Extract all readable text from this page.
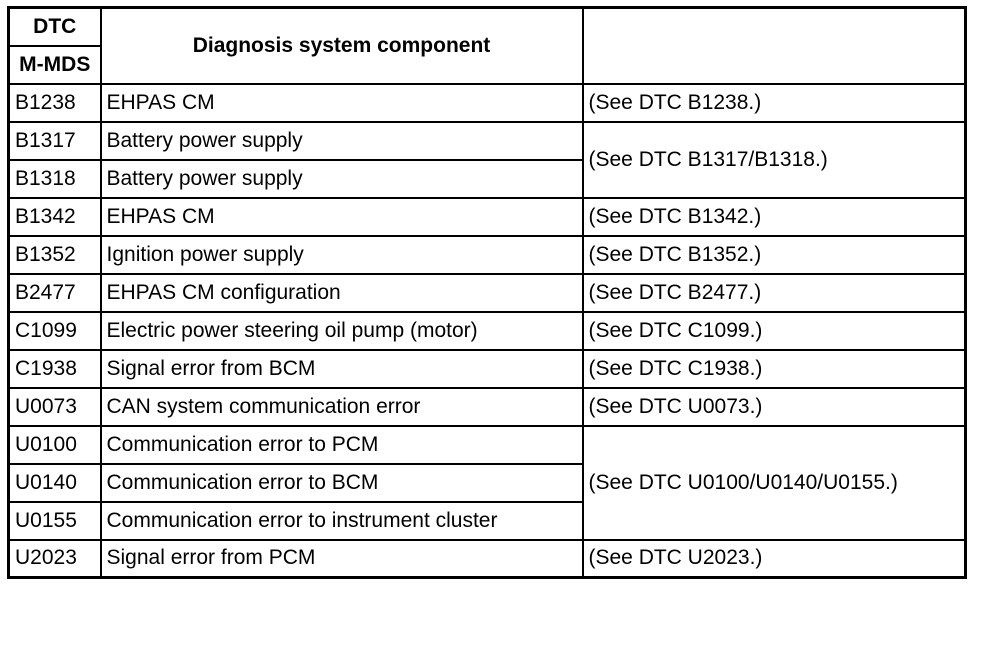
DTC	Diagnosis system component	
M-MDS		
B1238	EHPAS CM	(See DTC B1238.)
B1317	Battery power supply	(See DTC B1317/B1318.)
B1318	Battery power supply	
B1342	EHPAS CM	(See DTC B1342.)
B1352	Ignition power supply	(See DTC B1352.)
B2477	EHPAS CM configuration	(See DTC B2477.)
C1099	Electric power steering oil pump (motor)	(See DTC C1099.)
C1938	Signal error from BCM	(See DTC C1938.)
U0073	CAN system communication error	(See DTC U0073.)
U0100	Communication error to PCM	(See DTC U0100/U0140/U0155.)
U0140	Communication error to BCM	
U0155	Communication error to instrument cluster	
U2023	Signal error from PCM	(See DTC U2023.)
